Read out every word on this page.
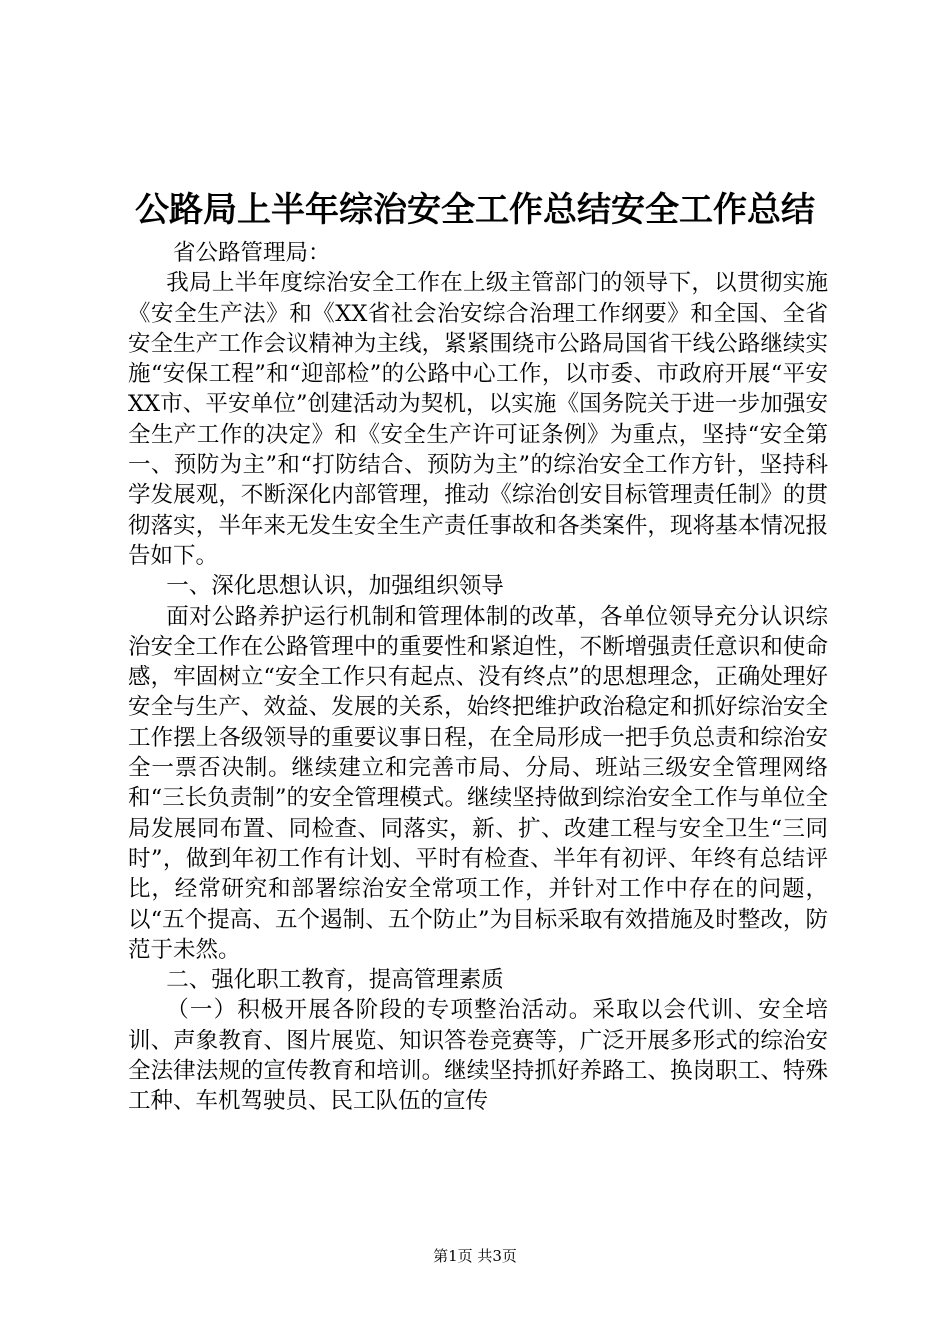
公路局上半年综治安全工作总结安全工作总结

省公路管理局：

我局上半年度综治安全工作在上级主管部门的领导下，以贯彻实施《安全生产法》和《XX省社会治安综合治理工作纲要》和全国、全省安全生产工作会议精神为主线，紧紧围绕市公路局国省干线公路继续实施“安保工程”和“迎部检”的公路中心工作，以市委、市政府开展“平安XX市、平安单位”创建活动为契机，以实施《国务院关于进一步加强安全生产工作的决定》和《安全生产许可证条例》为重点，坚持“安全第一、预防为主”和“打防结合、预防为主”的综治安全工作方针，坚持科学发展观，不断深化内部管理，推动《综治创安目标管理责任制》的贯彻落实，半年来无发生安全生产责任事故和各类案件，现将基本情况报告如下。

一、深化思想认识，加强组织领导

面对公路养护运行机制和管理体制的改革，各单位领导充分认识综治安全工作在公路管理中的重要性和紧迫性，不断增强责任意识和使命感，牢固树立“安全工作只有起点、没有终点”的思想理念，正确处理好安全与生产、效益、发展的关系，始终把维护政治稳定和抓好综治安全工作摆上各级领导的重要议事日程，在全局形成一把手负总责和综治安全一票否决制。继续建立和完善市局、分局、班站三级安全管理网络和“三长负责制”的安全管理模式。继续坚持做到综治安全工作与单位全局发展同布置、同检查、同落实，新、扩、改建工程与安全卫生“三同时”，做到年初工作有计划、平时有检查、半年有初评、年终有总结评比，经常研究和部署综治安全常项工作，并针对工作中存在的问题，以“五个提高、五个遏制、五个防止”为目标采取有效措施及时整改，防范于未然。

二、强化职工教育，提高管理素质

（一）积极开展各阶段的专项整治活动。采取以会代训、安全培训、声象教育、图片展览、知识答卷竞赛等，广泛开展多形式的综治安全法律法规的宣传教育和培训。继续坚持抓好养路工、换岗职工、特殊工种、车机驾驶员、民工队伍的宣传

第1页 共3页
